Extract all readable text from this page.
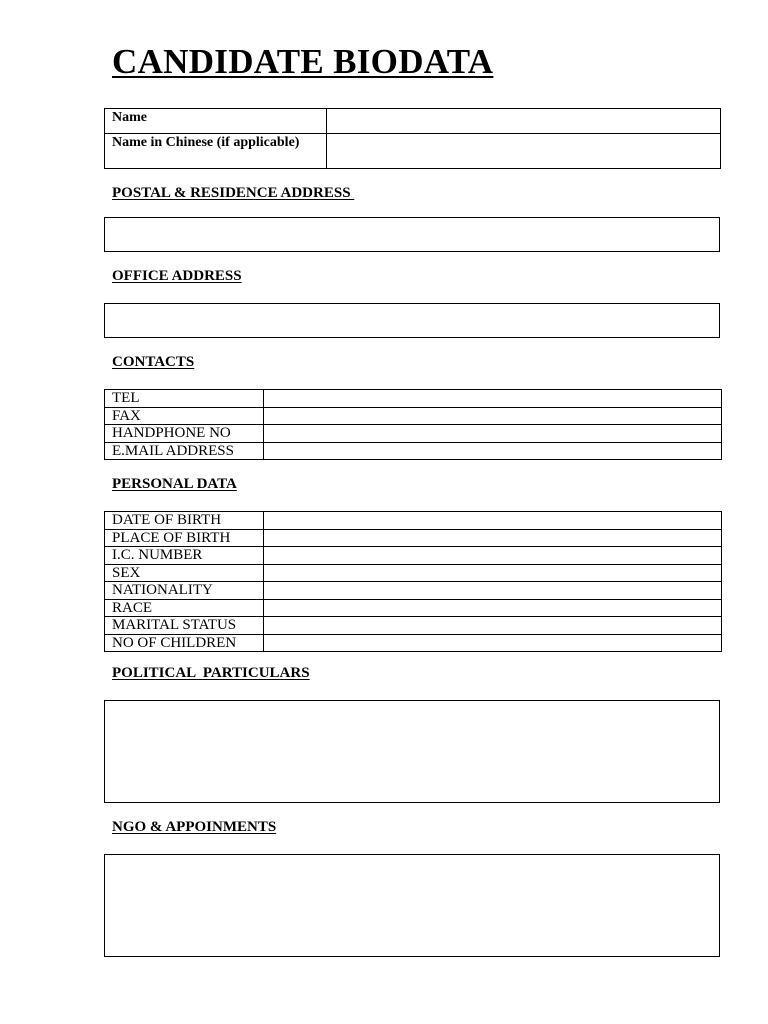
CANDIDATE BIODATA
Name	
Name in Chinese (if applicable)	

POSTAL & RESIDENCE ADDRESS

OFFICE ADDRESS

CONTACTS

TEL	
FAX	
HANDPHONE NO	
E.MAIL ADDRESS	

PERSONAL DATA

DATE OF BIRTH	
PLACE OF BIRTH	
I.C. NUMBER	
SEX	
NATIONALITY	
RACE	
MARITAL STATUS	
NO OF CHILDREN	

POLITICAL  PARTICULARS

NGO & APPOINMENTS
